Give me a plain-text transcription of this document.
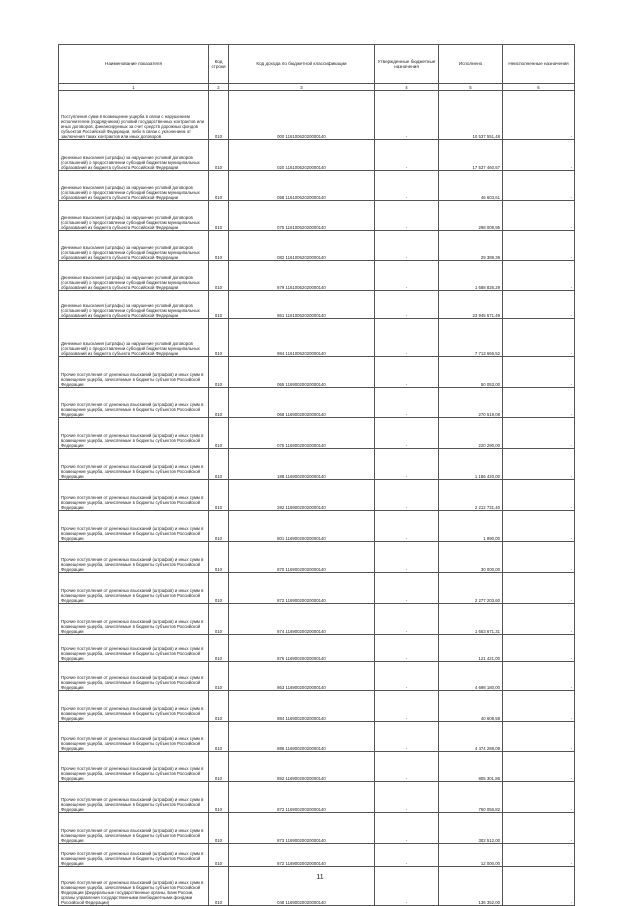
Наименование показателя	Код строки	Код дохода по бюджетной классификации	Утвержденные бюджетные назначения	Исполнено	Неисполненные назначения
1	2	3	4	5	6
Поступления сумм в возмещение ущерба в связи с нарушением исполнителем (подрядчиком) условий государственных контрактов или иных договоров, финансируемых за счет средств дорожных фондов субъектов Российской Федерации, либо в связи с уклонением от заключения таких контрактов или иных договоров	010	000 11610062020000140	-	10 537 551,48	-
Денежные взыскания (штрафы) за нарушение условий договоров (соглашений) о предоставлении субсидий бюджетам муниципальных образований из бюджета субъекта Российской Федерации	010	020 11610062020000140	-	17 537 460,57	-
Денежные взыскания (штрафы) за нарушение условий договоров (соглашений) о предоставлении субсидий бюджетам муниципальных образований из бюджета субъекта Российской Федерации	010	058 11610062020000140	-	46 603,61	-
Денежные взыскания (штрафы) за нарушение условий договоров (соглашений) о предоставлении субсидий бюджетам муниципальных образований из бюджета субъекта Российской Федерации	010	075 11610062020000140	-	298 008,95	-
Денежные взыскания (штрафы) за нарушение условий договоров (соглашений) о предоставлении субсидий бюджетам муниципальных образований из бюджета субъекта Российской Федерации	010	082 11610062020000140	-	29 389,39	-
Денежные взыскания (штрафы) за нарушение условий договоров (соглашений) о предоставлении субсидий бюджетам муниципальных образований из бюджета субъекта Российской Федерации	010	879 11610062020000140	-	1 688 826,29	-
Денежные взыскания (штрафы) за нарушение условий договоров (соглашений) о предоставлении субсидий бюджетам муниципальных образований из бюджета субъекта Российской Федерации	010	861 11610062020000140	-	23 945 571,49	-
Денежные взыскания (штрафы) за нарушение условий договоров (соглашений) о предоставлении субсидий бюджетам муниципальных образований из бюджета субъекта Российской Федерации	010	984 11610062020000140	-	7 713 666,52	-
Прочие поступления от денежных взысканий (штрафов) и иных сумм в возмещение ущерба, зачисляемые в бюджеты субъектов Российской Федерации	010	065 11690020020000140	-	50 053,00	-
Прочие поступления от денежных взысканий (штрафов) и иных сумм в возмещение ущерба, зачисляемые в бюджеты субъектов Российской Федерации	010	068 11690020020000140	-	270 519,08	-
Прочие поступления от денежных взысканий (штрафов) и иных сумм в возмещение ущерба, зачисляемые в бюджеты субъектов Российской Федерации	010	075 11690020020000140	-	220 290,00	-
Прочие поступления от денежных взысканий (штрафов) и иных сумм в возмещение ущерба, зачисляемые в бюджеты субъектов Российской Федерации	010	188 11690020020000140	-	1 186 420,00	-
Прочие поступления от денежных взысканий (штрафов) и иных сумм в возмещение ущерба, зачисляемые в бюджеты субъектов Российской Федерации	010	282 11690020020000140	-	2 212 731,40	-
Прочие поступления от денежных взысканий (штрафов) и иных сумм в возмещение ущерба, зачисляемые в бюджеты субъектов Российской Федерации	010	801 11690020020000140	-	1 990,00	-
Прочие поступления от денежных взысканий (штрафов) и иных сумм в возмещение ущерба, зачисляемые в бюджеты субъектов Российской Федерации	010	870 11690020020000140	-	30 000,00	-
Прочие поступления от денежных взысканий (штрафов) и иных сумм в возмещение ущерба, зачисляемые в бюджеты субъектов Российской Федерации	010	872 11690020020000140	-	2 277 203,60	-
Прочие поступления от денежных взысканий (штрафов) и иных сумм в возмещение ущерба, зачисляемые в бюджеты субъектов Российской Федерации	010	874 11690020020000140	-	1 653 671,31	-
Прочие поступления от денежных взысканий (штрафов) и иных сумм в возмещение ущерба, зачисляемые в бюджеты субъектов Российской Федерации	010	876 11690020020000140	-	121 421,00	-
Прочие поступления от денежных взысканий (штрафов) и иных сумм в возмещение ущерба, зачисляемые в бюджеты субъектов Российской Федерации	010	863 11690020020000140	-	4 698 180,00	-
Прочие поступления от денежных взысканий (штрафов) и иных сумм в возмещение ущерба, зачисляемые в бюджеты субъектов Российской Федерации	010	884 11690020020000140	-	40 608,58	-
Прочие поступления от денежных взысканий (штрафов) и иных сумм в возмещение ущерба, зачисляемые в бюджеты субъектов Российской Федерации	010	886 11690020020000140	-	4 474 288,09	-
Прочие поступления от денежных взысканий (штрафов) и иных сумм в возмещение ущерба, зачисляемые в бюджеты субъектов Российской Федерации	010	892 11690020020000140	-	805 301,86	-
Прочие поступления от денежных взысканий (штрафов) и иных сумм в возмещение ущерба, зачисляемые в бюджеты субъектов Российской Федерации	010	872 11690020020000140	-	760 056,82	-
Прочие поступления от денежных взысканий (штрафов) и иных сумм в возмещение ущерба, зачисляемые в бюджеты субъектов Российской Федерации	010	873 11690020020000140	-	302 512,00	-
Прочие поступления от денежных взысканий (штрафов) и иных сумм в возмещение ущерба, зачисляемые в бюджеты субъектов Российской Федерации	010	872 11690020020000140	-	12 000,00	-
Прочие поступления от денежных взысканий (штрафов) и иных сумм в возмещение ущерба, зачисляемые в бюджеты субъектов Российской Федерации (федеральные государственные органы, Банк России, органы управления государственными внебюджетными фондами Российской Федерации)	010	048 11690020020000140	-	136 352,00	-
11
